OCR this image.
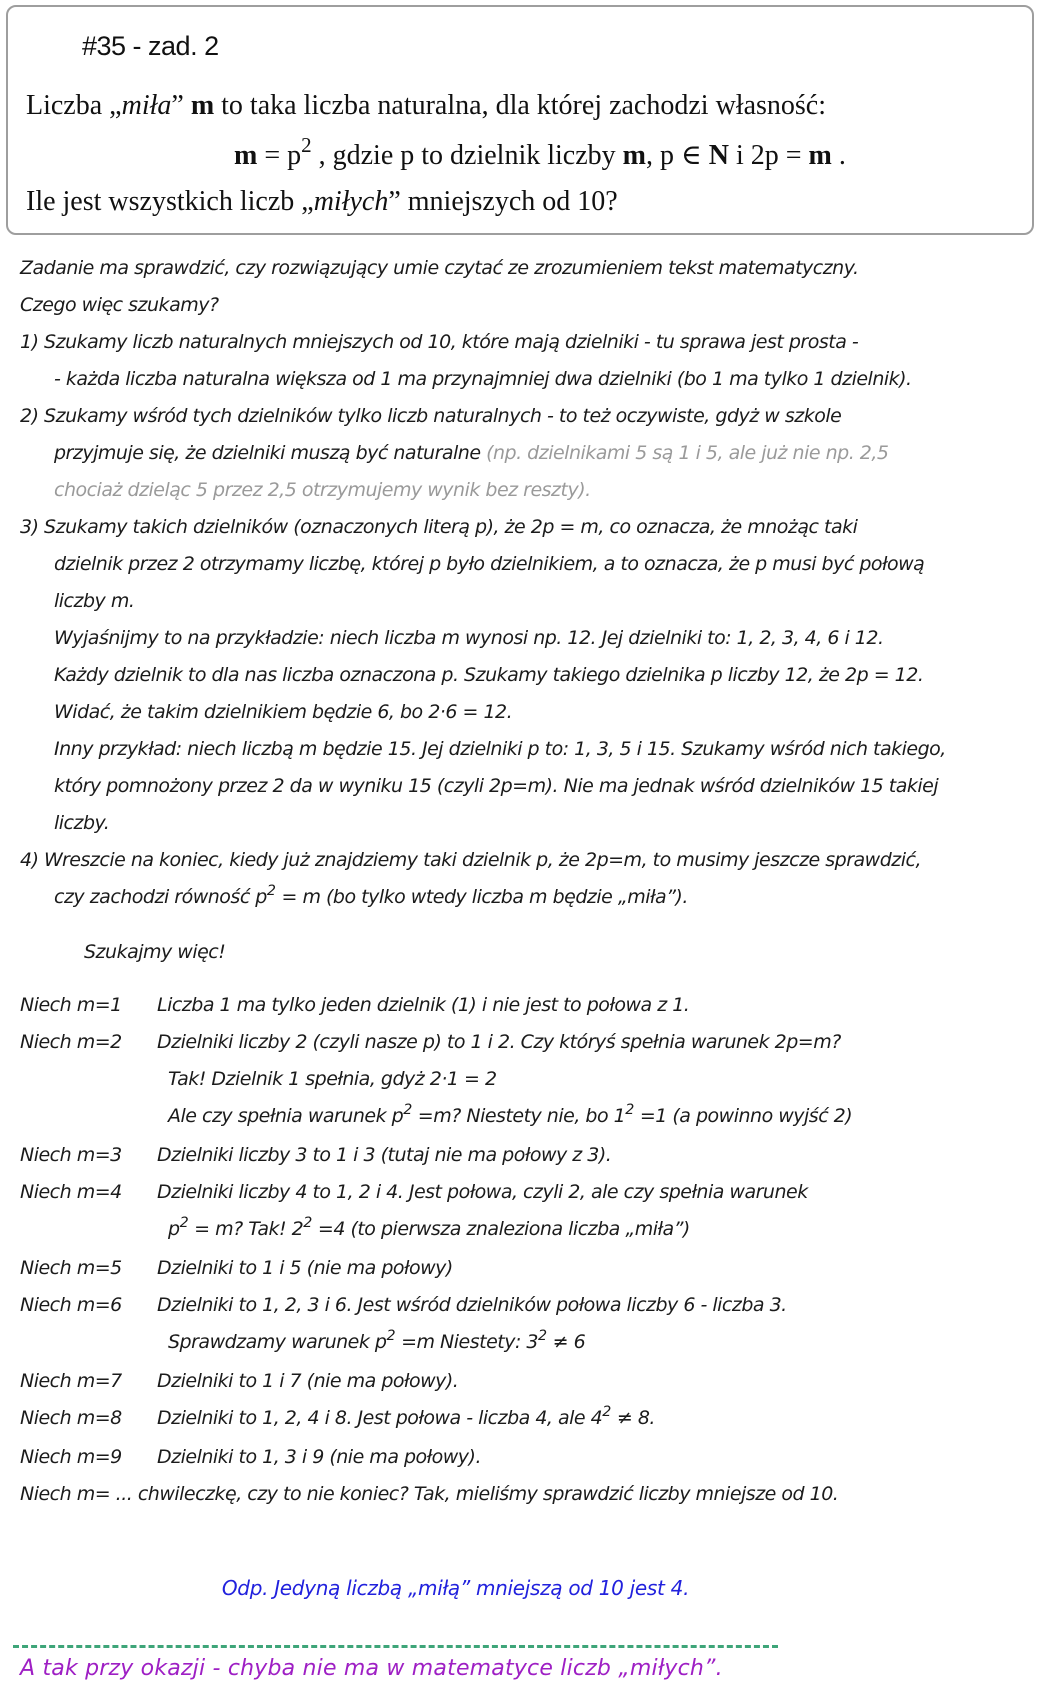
#35 - zad. 2
Liczba „miła” m to taka liczba naturalna, dla której zachodzi własność:
$m = p^2$ , gdzie p to dzielnik liczby m, p ∈ N i 2p = m .
Ile jest wszystkich liczb „miłych” mniejszych od 10?
Zadanie ma sprawdzić, czy rozwiązujący umie czytać ze zrozumieniem tekst matematyczny.
Czego więc szukamy?
1) Szukamy liczb naturalnych mniejszych od 10, które mają dzielniki - tu sprawa jest prosta -
- każda liczba naturalna większa od 1 ma przynajmniej dwa dzielniki (bo 1 ma tylko 1 dzielnik).
2) Szukamy wśród tych dzielników tylko liczb naturalnych - to też oczywiste, gdyż w szkole
przyjmuje się, że dzielniki muszą być naturalne (np. dzielnikami 5 są 1 i 5, ale już nie np. 2,5
chociaż dzieląc 5 przez 2,5 otrzymujemy wynik bez reszty).
3) Szukamy takich dzielników (oznaczonych literą p), że 2p = m, co oznacza, że mnożąc taki
dzielnik przez 2 otrzymamy liczbę, której p było dzielnikiem, a to oznacza, że p musi być połową
liczby m.
Wyjaśnijmy to na przykładzie: niech liczba m wynosi np. 12. Jej dzielniki to: 1, 2, 3, 4, 6 i 12.
Każdy dzielnik to dla nas liczba oznaczona p. Szukamy takiego dzielnika p liczby 12, że 2p = 12.
Widać, że takim dzielnikiem będzie 6, bo 2·6 = 12.
Inny przykład: niech liczbą m będzie 15. Jej dzielniki p to: 1, 3, 5 i 15. Szukamy wśród nich takiego,
który pomnożony przez 2 da w wyniku 15 (czyli 2p=m). Nie ma jednak wśród dzielników 15 takiej
liczby.
4) Wreszcie na koniec, kiedy już znajdziemy taki dzielnik p, że 2p=m, to musimy jeszcze sprawdzić,
czy zachodzi równość $p^2 = m$ (bo tylko wtedy liczba m będzie „miła”).
Szukajmy więc!
Niech m=1	Liczba 1 ma tylko jeden dzielnik (1) i nie jest to połowa z 1.
Niech m=2	Dzielniki liczby 2 (czyli nasze p) to 1 i 2. Czy któryś spełnia warunek 2p=m?
Tak! Dzielnik 1 spełnia, gdyż 2·1 = 2
Ale czy spełnia warunek $p^2 =m$? Niestety nie, bo $1^2 =1$ (a powinno wyjść 2)
Niech m=3	Dzielniki liczby 3 to 1 i 3 (tutaj nie ma połowy z 3).
Niech m=4	Dzielniki liczby 4 to 1, 2 i 4. Jest połowa, czyli 2, ale czy spełnia warunek
$p^2 = m$? Tak! $2^2 =4$ (to pierwsza znaleziona liczba „miła”)
Niech m=5	Dzielniki to 1 i 5 (nie ma połowy)
Niech m=6	Dzielniki to 1, 2, 3 i 6. Jest wśród dzielników połowa liczby 6 - liczba 3.
Sprawdzamy warunek $p^2 =m$ Niestety: $3^2 \ne 6$
Niech m=7	Dzielniki to 1 i 7 (nie ma połowy).
Niech m=8	Dzielniki to 1, 2, 4 i 8. Jest połowa - liczba 4, ale $4^2 \ne 8$.
Niech m=9	Dzielniki to 1, 3 i 9 (nie ma połowy).
Niech m= ... chwileczkę, czy to nie koniec? Tak, mieliśmy sprawdzić liczby mniejsze od 10.
Odp. Jedyną liczbą „miłą” mniejszą od 10 jest 4.
A tak przy okazji - chyba nie ma w matematyce liczb „miłych”.
